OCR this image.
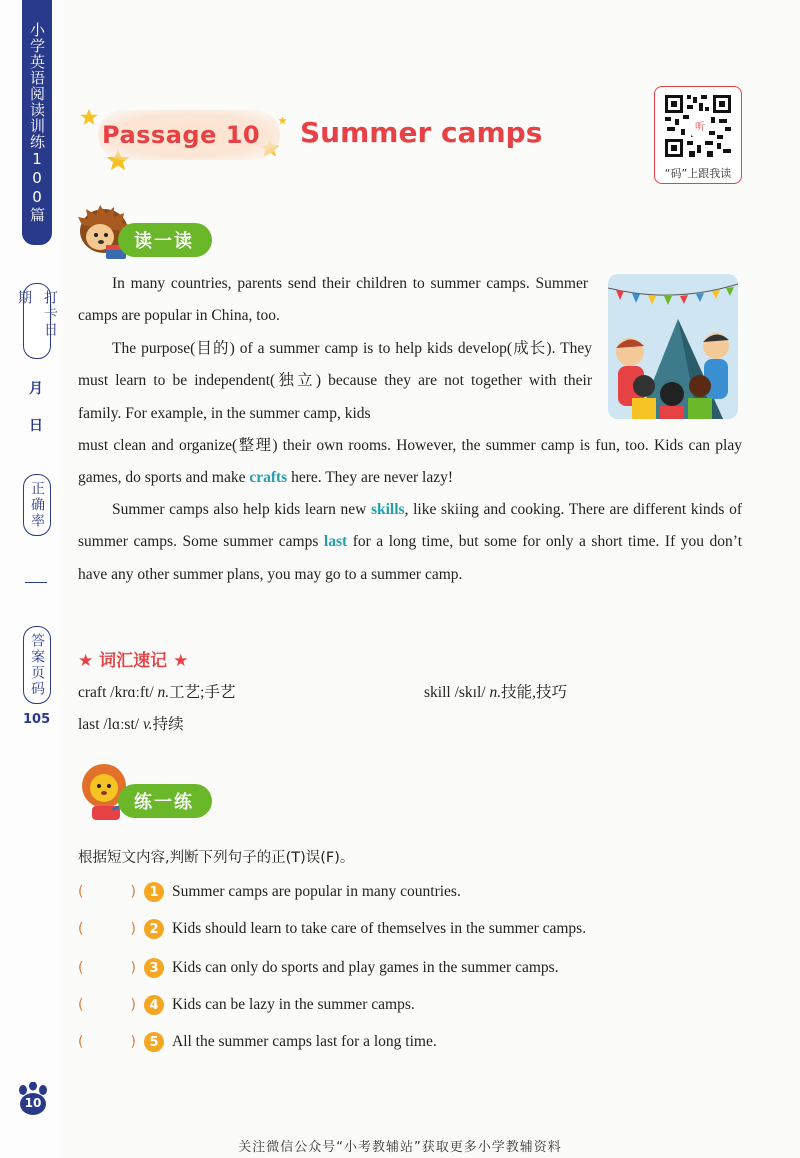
小学英语阅读训练100篇
打卡日期
月
日
正确率
答案页码
105
Passage 10 Summer camps	听
“码”上跟我读
读一读

In many countries, parents send their children to summer camps. Summer camps are popular in China, too.

The purpose(目的) of a summer camp is to help kids develop(成长). They must learn to be independent(独立) because they are not together with their family. For example, in the summer camp, kids

must clean and organize(整理) their own rooms. However, the summer camp is fun, too. Kids can play games, do sports and make crafts here. They are never lazy!

Summer camps also help kids learn new skills, like skiing and cooking. There are different kinds of summer camps. Some summer camps last for a long time, but some for only a short time. If you don’t have any other summer plans, you may go to a summer camp.

★ 词汇速记 ★
craft /krɑːft/ n.工艺;手艺	skill /skɪl/ n.技能,技巧
last /lɑːst/ v.持续
练一练
根据短文内容,判断下列句子的正(T)误(F)。
(	)	1 Summer camps are popular in many countries.
(	)	2 Kids should learn to take care of themselves in the summer camps.
(	)	3 Kids can only do sports and play games in the summer camps.
(	)	4 Kids can be lazy in the summer camps.
(	)	5 All the summer camps last for a long time.
10
关注微信公众号“小考教辅站”获取更多小学教辅资料
